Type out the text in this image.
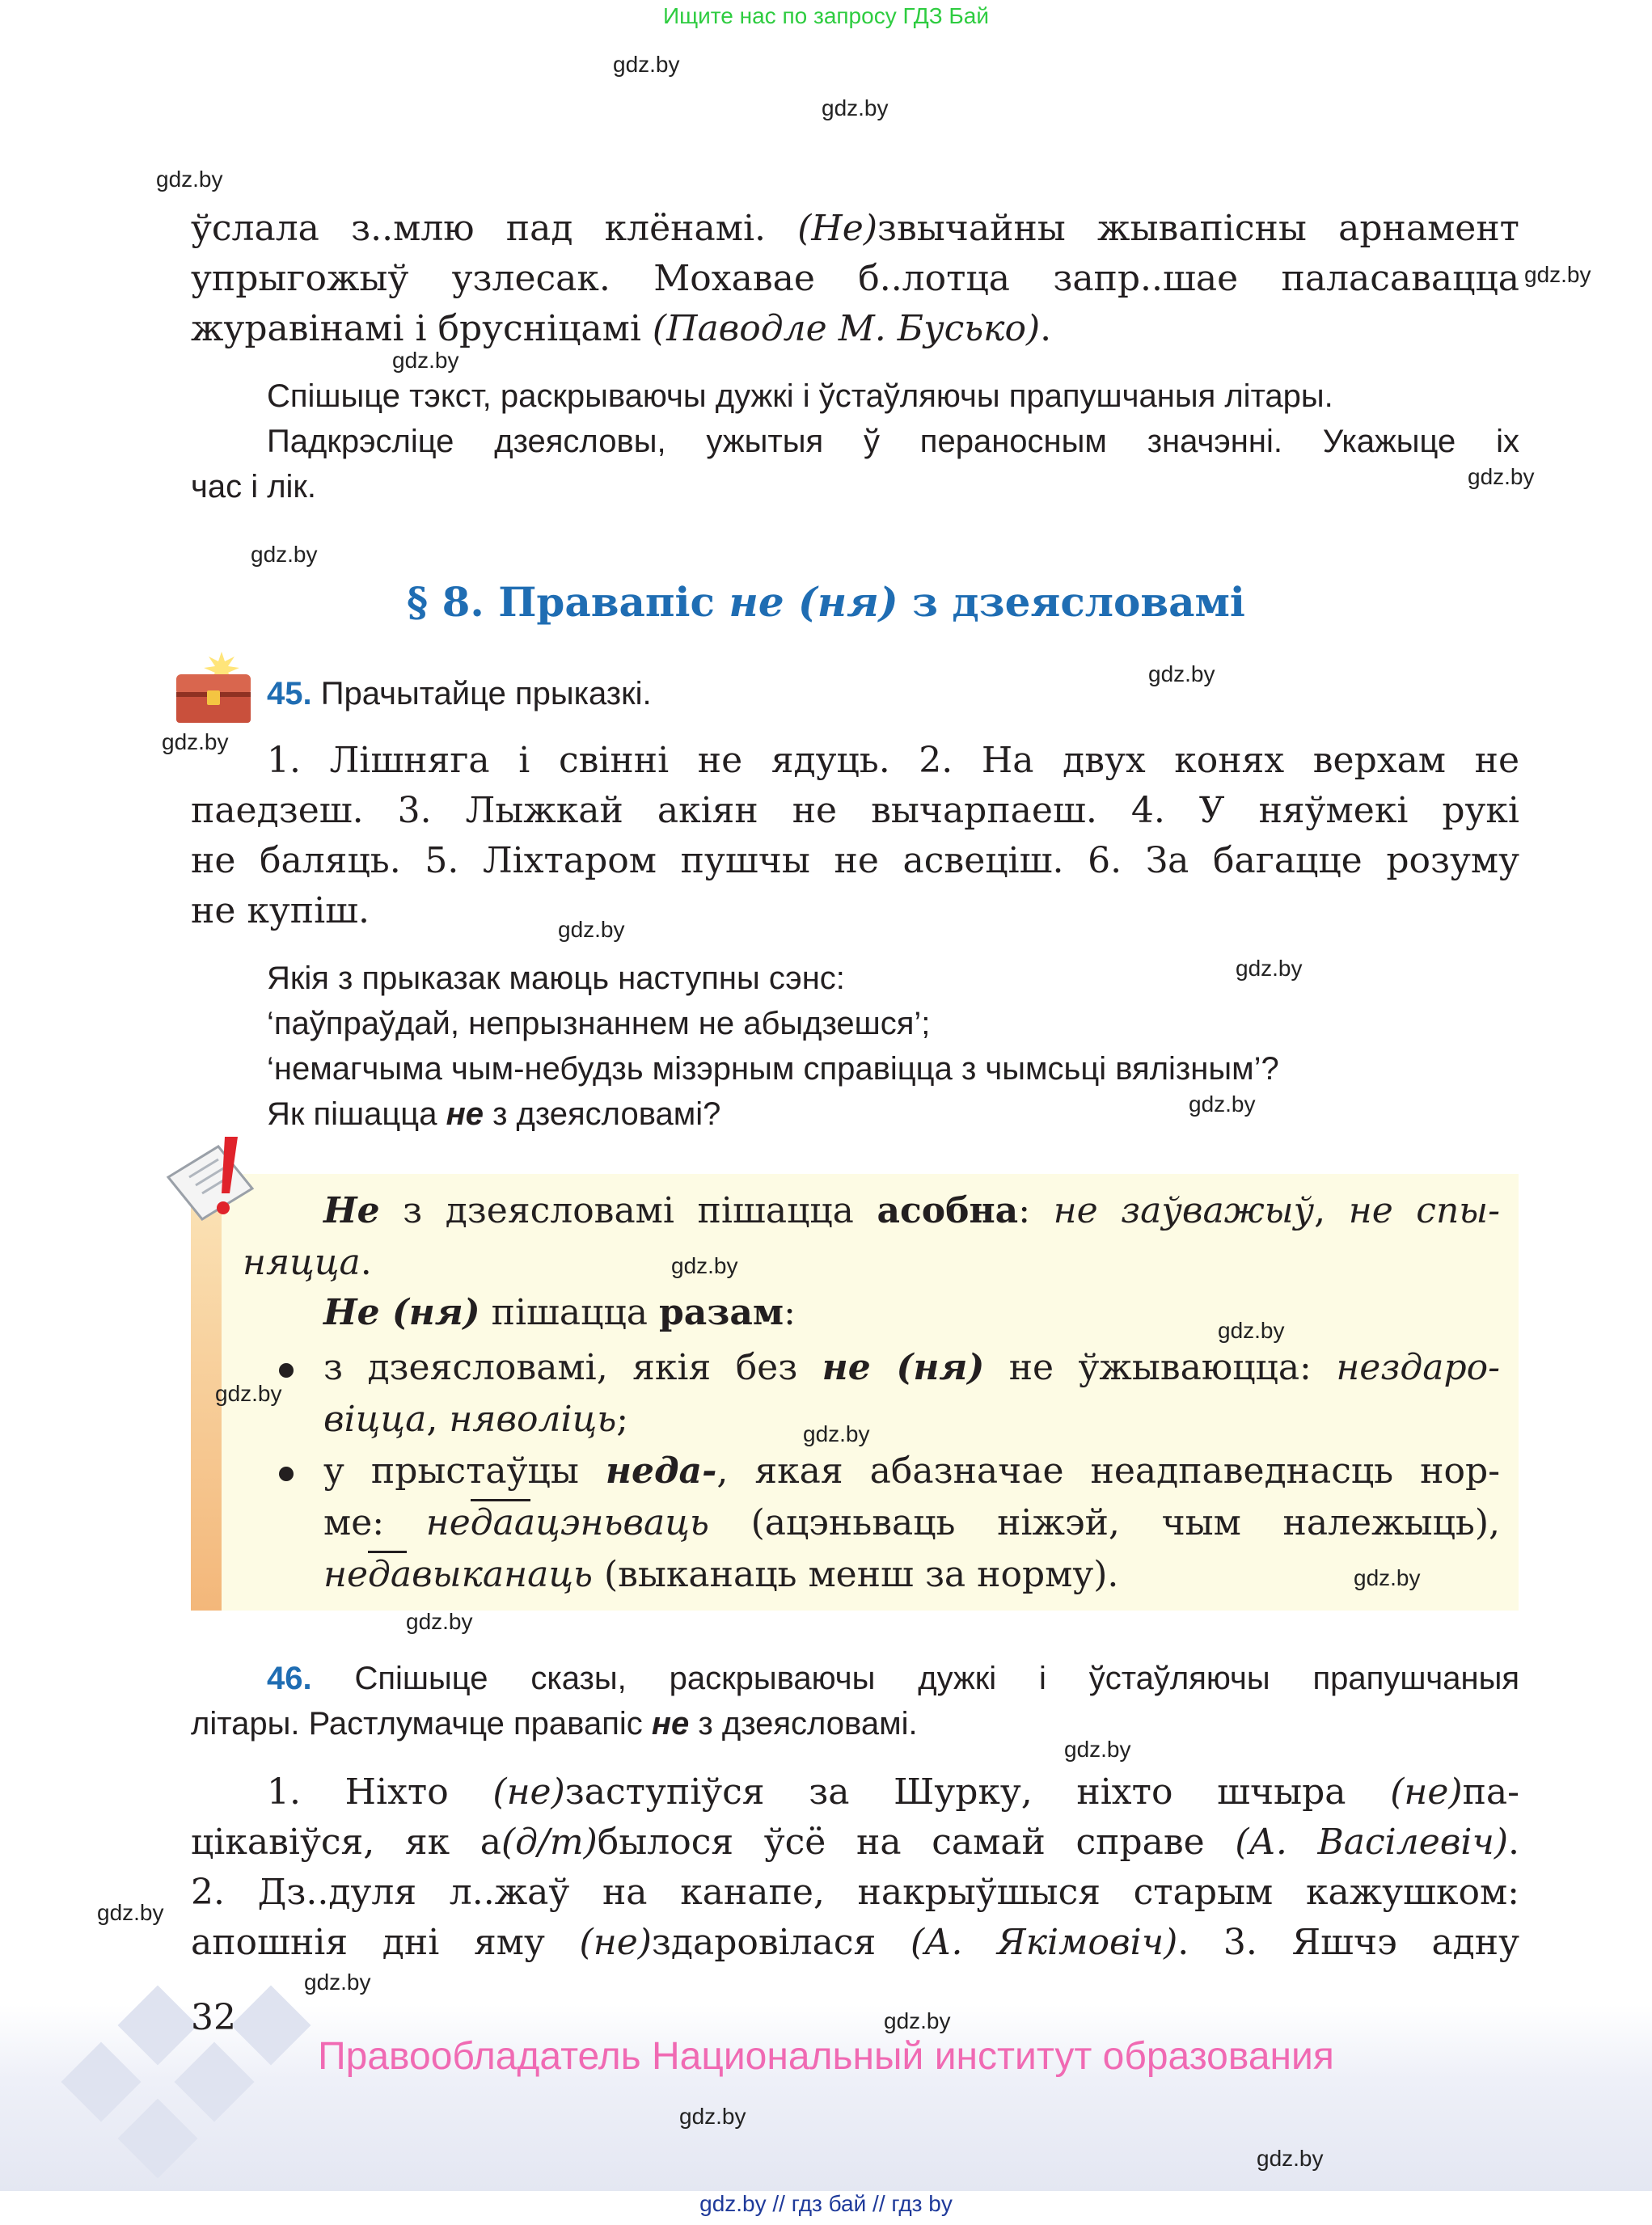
Ищите нас по запросу ГДЗ Бай
gdz.by
gdz.by
gdz.by
gdz.by
gdz.by
gdz.by
gdz.by
gdz.by
gdz.by
gdz.by
gdz.by
gdz.by
ўслала з..млю пад клёнамі. (Не)звычайны жывапісны арнамент
упрыгожыў узлесак. Мохавае б..лотца запр..шае паласавацца
журавінамі і брусніцамі (Паводле М. Бусько).
Спішыце тэкст, раскрываючы дужкі і ўстаўляючы прапушчаныя літары.
Падкрэсліце дзеясловы, ужытыя ў пераносным значэнні. Укажыце іх
час і лік.
§ 8. Правапіс не (ня) з дзеясловамі
45. Прачытайце прыказкі.
1. Лішняга і свінні не ядуць. 2. На двух конях верхам не
паедзеш. 3. Лыжкай акіян не вычарпаеш. 4. У няўмекі рукі
не баляць. 5. Ліхтаром пушчы не асвеціш. 6. За багацце розуму
не купіш.
Якія з прыказак маюць наступны сэнс:
‘паўпраўдай, непрызнаннем не абыдзешся’;
‘немагчыма чым-небудзь мізэрным справіцца з чымсьці вялізным’?
Як пішацца не з дзеясловамі?
Не з дзеясловамі пішацца асобна: не заўважыў, не спы-
няцца.
Не (ня) пішацца разам:
з дзеясловамі, якія без не (ня) не ўжываюцца: нездаро-
віцца, няволіць;
у прыстаўцы неда-, якая абазначае неадпаведнасць нор-
ме: недаацэньваць (ацэньваць ніжэй, чым належыць),
недавыканаць (выканаць менш за норму).
gdz.by
gdz.by
gdz.by
gdz.by
gdz.by
gdz.by
46. Спішыце сказы, раскрываючы дужкі і ўстаўляючы прапушчаныя
літары. Растлумачце правапіс не з дзеясловамі.
gdz.by
1. Ніхто (не)заступіўся за Шурку, ніхто шчыра (не)па-
цікавіўся, як а(д/т)былося ўсё на самай справе (А. Васілевіч).
2. Дз..дуля л..жаў на канапе, накрыўшыся старым кажушком:
апошнія дні яму (не)здаровілася (А. Якімовіч). 3. Яшчэ адну
gdz.by
gdz.by
gdz.by
32
Правообладатель Национальный институт образования
gdz.by
gdz.by
gdz.by // гдз бай // гдз by
